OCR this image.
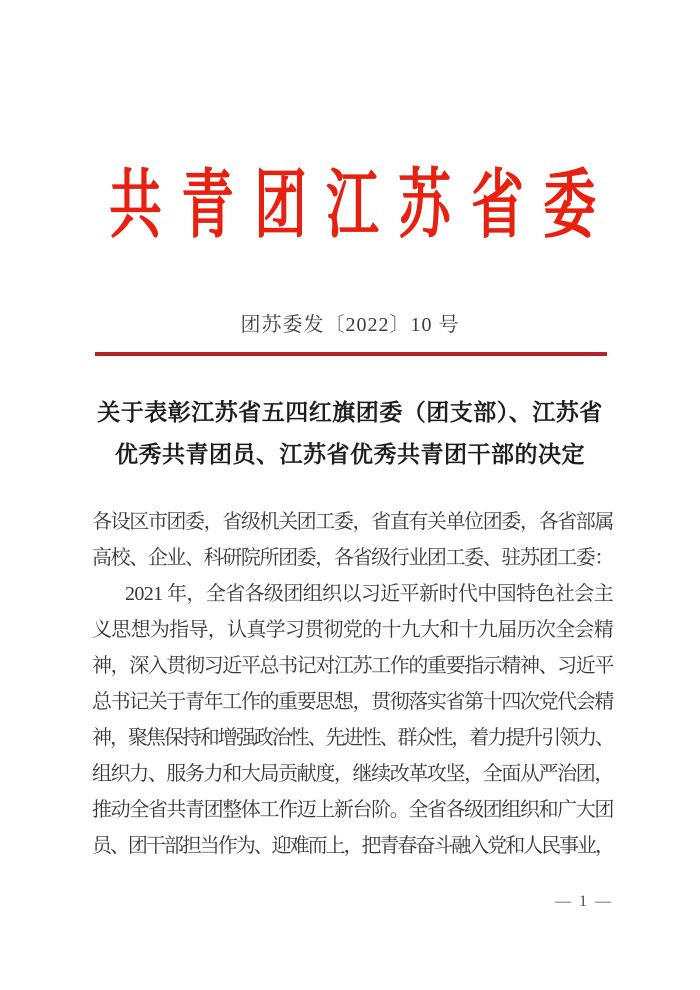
共 青 团 江 苏 省 委
团苏委发〔2022〕10 号
关于表彰江苏省五四红旗团委（团支部）、江苏省
优秀共青团员、江苏省优秀共青团干部的决定
各设区市团委，省级机关团工委，省直有关单位团委，各省部属
高校、企业、科研院所团委，各省级行业团工委、驻苏团工委：
2021 年，全省各级团组织以习近平新时代中国特色社会主
义思想为指导，认真学习贯彻党的十九大和十九届历次全会精
神，深入贯彻习近平总书记对江苏工作的重要指示精神、习近平
总书记关于青年工作的重要思想，贯彻落实省第十四次党代会精
神，聚焦保持和增强政治性、先进性、群众性，着力提升引领力、
组织力、服务力和大局贡献度，继续改革攻坚，全面从严治团，
推动全省共青团整体工作迈上新台阶。全省各级团组织和广大团
员、团干部担当作为、迎难而上，把青春奋斗融入党和人民事业，
— 1 —
